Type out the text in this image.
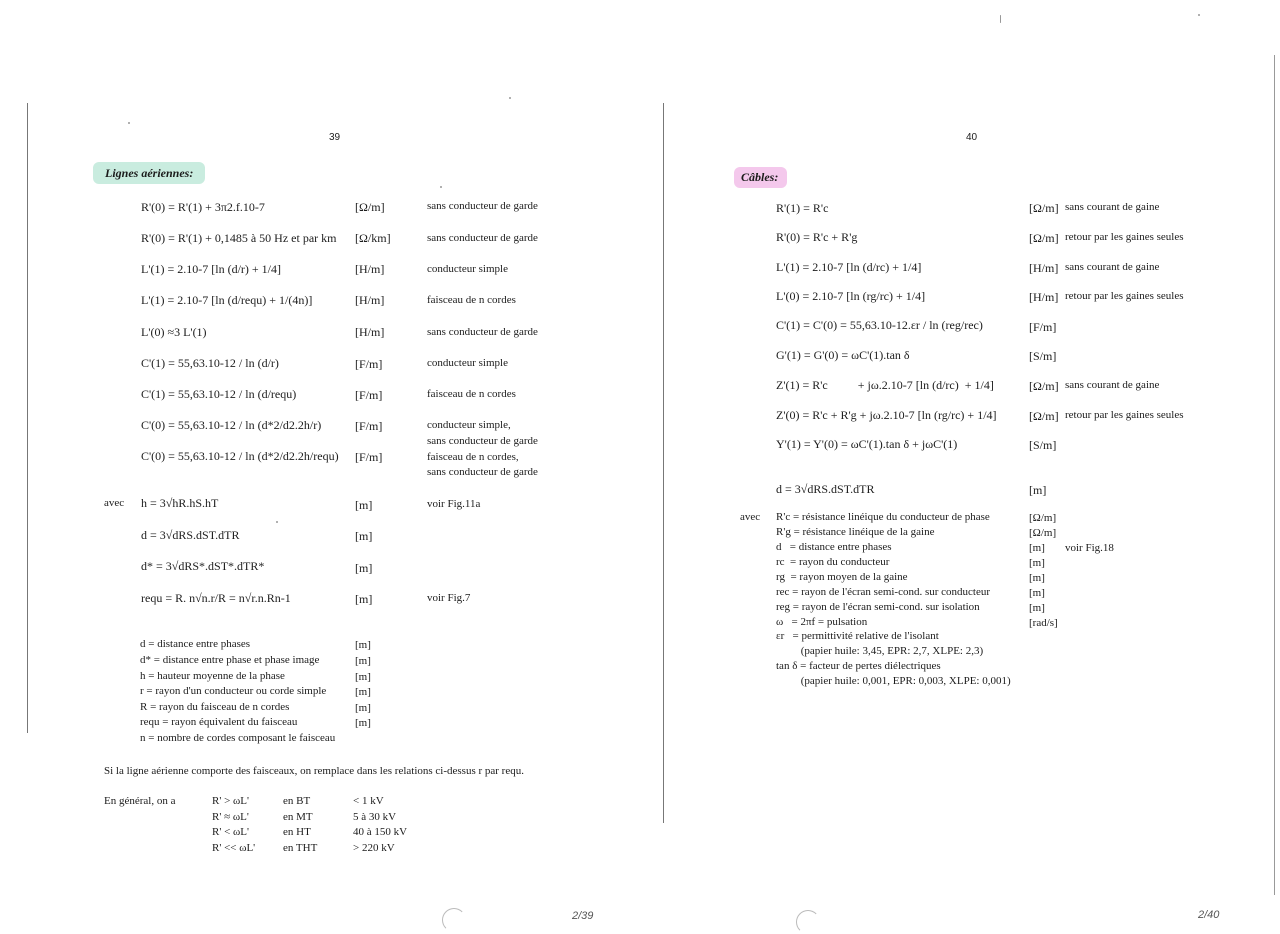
39
Lignes aériennes:
R'(0) = R'(1) + 3π2.f.10-7	[Ω/m]	sans conducteur de garde
R'(0) = R'(1) + 0,1485 à 50 Hz et par km [Ω/km]	sans conducteur de garde
L'(1) = 2.10-7 [ln (d/r) + 1/4]	[H/m]	conducteur simple
L'(1) = 2.10-7 [ln (d/requ) + 1/(4n)]	[H/m]	faisceau de n cordes
L'(0) ≈3 L'(1)	[H/m]	sans conducteur de garde
C'(1) = 55,63.10-12 / ln (d/r)	[F/m]	conducteur simple
C'(1) = 55,63.10-12 / ln (d/requ)	[F/m]	faisceau de n cordes
C'(0) = 55,63.10-12 / ln (d*2/d2.2h/r)	[F/m]	conducteur simple,
sans conducteur de garde
C'(0) = 55,63.10-12 / ln (d*2/d2.2h/requ) [F/m]	faisceau de n cordes,
sans conducteur de garde
avec h = 3√hR.hS.hT	[m]	voir Fig.11a
d = 3√dRS.dST.dTR	[m]
d* = 3√dRS*.dST*.dTR*	[m]
requ = R. n√n.r/R = n√r.n.Rn-1	[m]	voir Fig.7
d = distance entre phases	[m]
d* = distance entre phase et phase image	[m]
h = hauteur moyenne de la phase	[m]
r = rayon d'un conducteur ou corde simple	[m]
R = rayon du faisceau de n cordes	[m]
requ = rayon équivalent du faisceau	[m]
n = nombre de cordes composant le faisceau
Si la ligne aérienne comporte des faisceaux, on remplace dans les relations ci-dessus r par requ.
En général, on a	R' > ωL'	en BT	< 1 kV
R' ≈ ωL'	en MT	5 à 30 kV
R' < ωL'	en HT	40 à 150 kV
R' << ωL'	en THT	> 220 kV
2/39
40
Câbles:
R'(1) = R'c	[Ω/m] sans courant de gaine
R'(0) = R'c + R'g	[Ω/m] retour par les gaines seules
L'(1) = 2.10-7 [ln (d/rc) + 1/4]	[H/m] sans courant de gaine
L'(0) = 2.10-7 [ln (rg/rc) + 1/4]	[H/m] retour par les gaines seules
C'(1) = C'(0) = 55,63.10-12.εr / ln (reg/rec)	[F/m]
G'(1) = G'(0) = ωC'(1).tan δ	[S/m]
Z'(1) = R'c          + jω.2.10-7 [ln (d/rc)  + 1/4]	[Ω/m] sans courant de gaine
Z'(0) = R'c + R'g + jω.2.10-7 [ln (rg/rc) + 1/4]	[Ω/m] retour par les gaines seules
Y'(1) = Y'(0) = ωC'(1).tan δ + jωC'(1)	[S/m]
d = 3√dRS.dST.dTR	[m]
avec R'c = résistance linéique du conducteur de phase	[Ω/m]
R'g = résistance linéique de la gaine	[Ω/m]
d   = distance entre phases	[m] voir Fig.18
rc  = rayon du conducteur	[m]
rg  = rayon moyen de la gaine	[m]
rec = rayon de l'écran semi-cond. sur conducteur	[m]
reg = rayon de l'écran semi-cond. sur isolation	[m]
ω   = 2πf = pulsation	[rad/s]
εr   = permittivité relative de l'isolant
(papier huile: 3,45, EPR: 2,7, XLPE: 2,3)
tan δ = facteur de pertes diélectriques
(papier huile: 0,001, EPR: 0,003, XLPE: 0,001)
2/40
